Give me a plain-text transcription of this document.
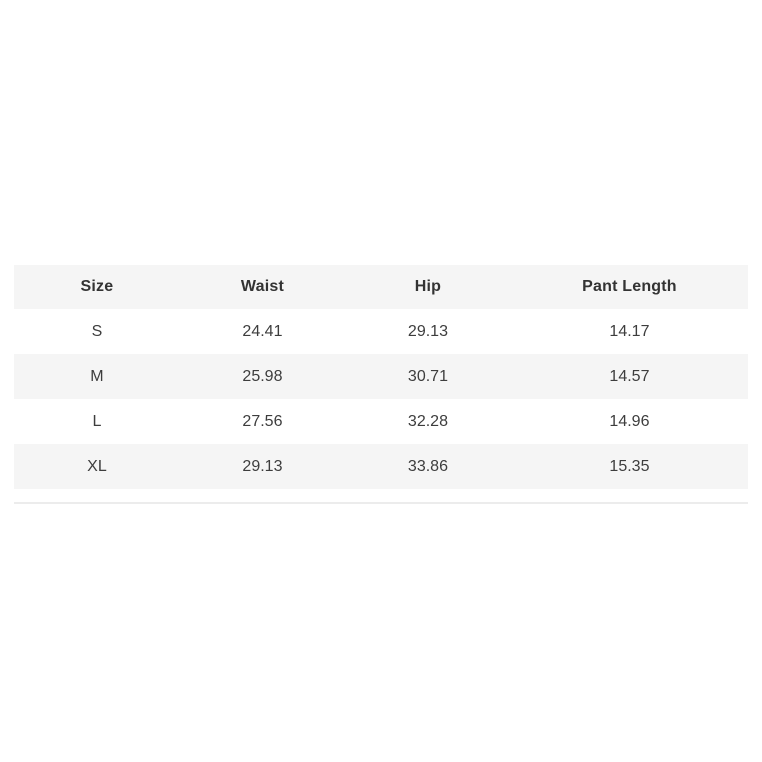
Size	Waist	Hip	Pant Length
S	24.41	29.13	14.17
M	25.98	30.71	14.57
L	27.56	32.28	14.96
XL	29.13	33.86	15.35
